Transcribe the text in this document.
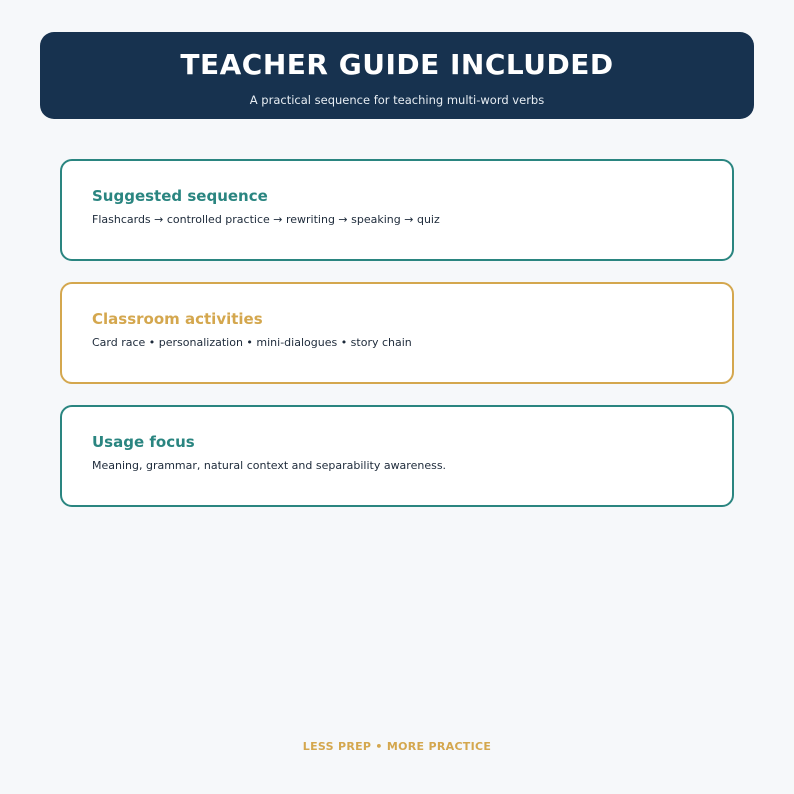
TEACHER GUIDE INCLUDED
A practical sequence for teaching multi-word verbs
Suggested sequence
Flashcards → controlled practice → rewriting → speaking → quiz
Classroom activities
Card race • personalization • mini-dialogues • story chain
Usage focus
Meaning, grammar, natural context and separability awareness.
LESS PREP • MORE PRACTICE
